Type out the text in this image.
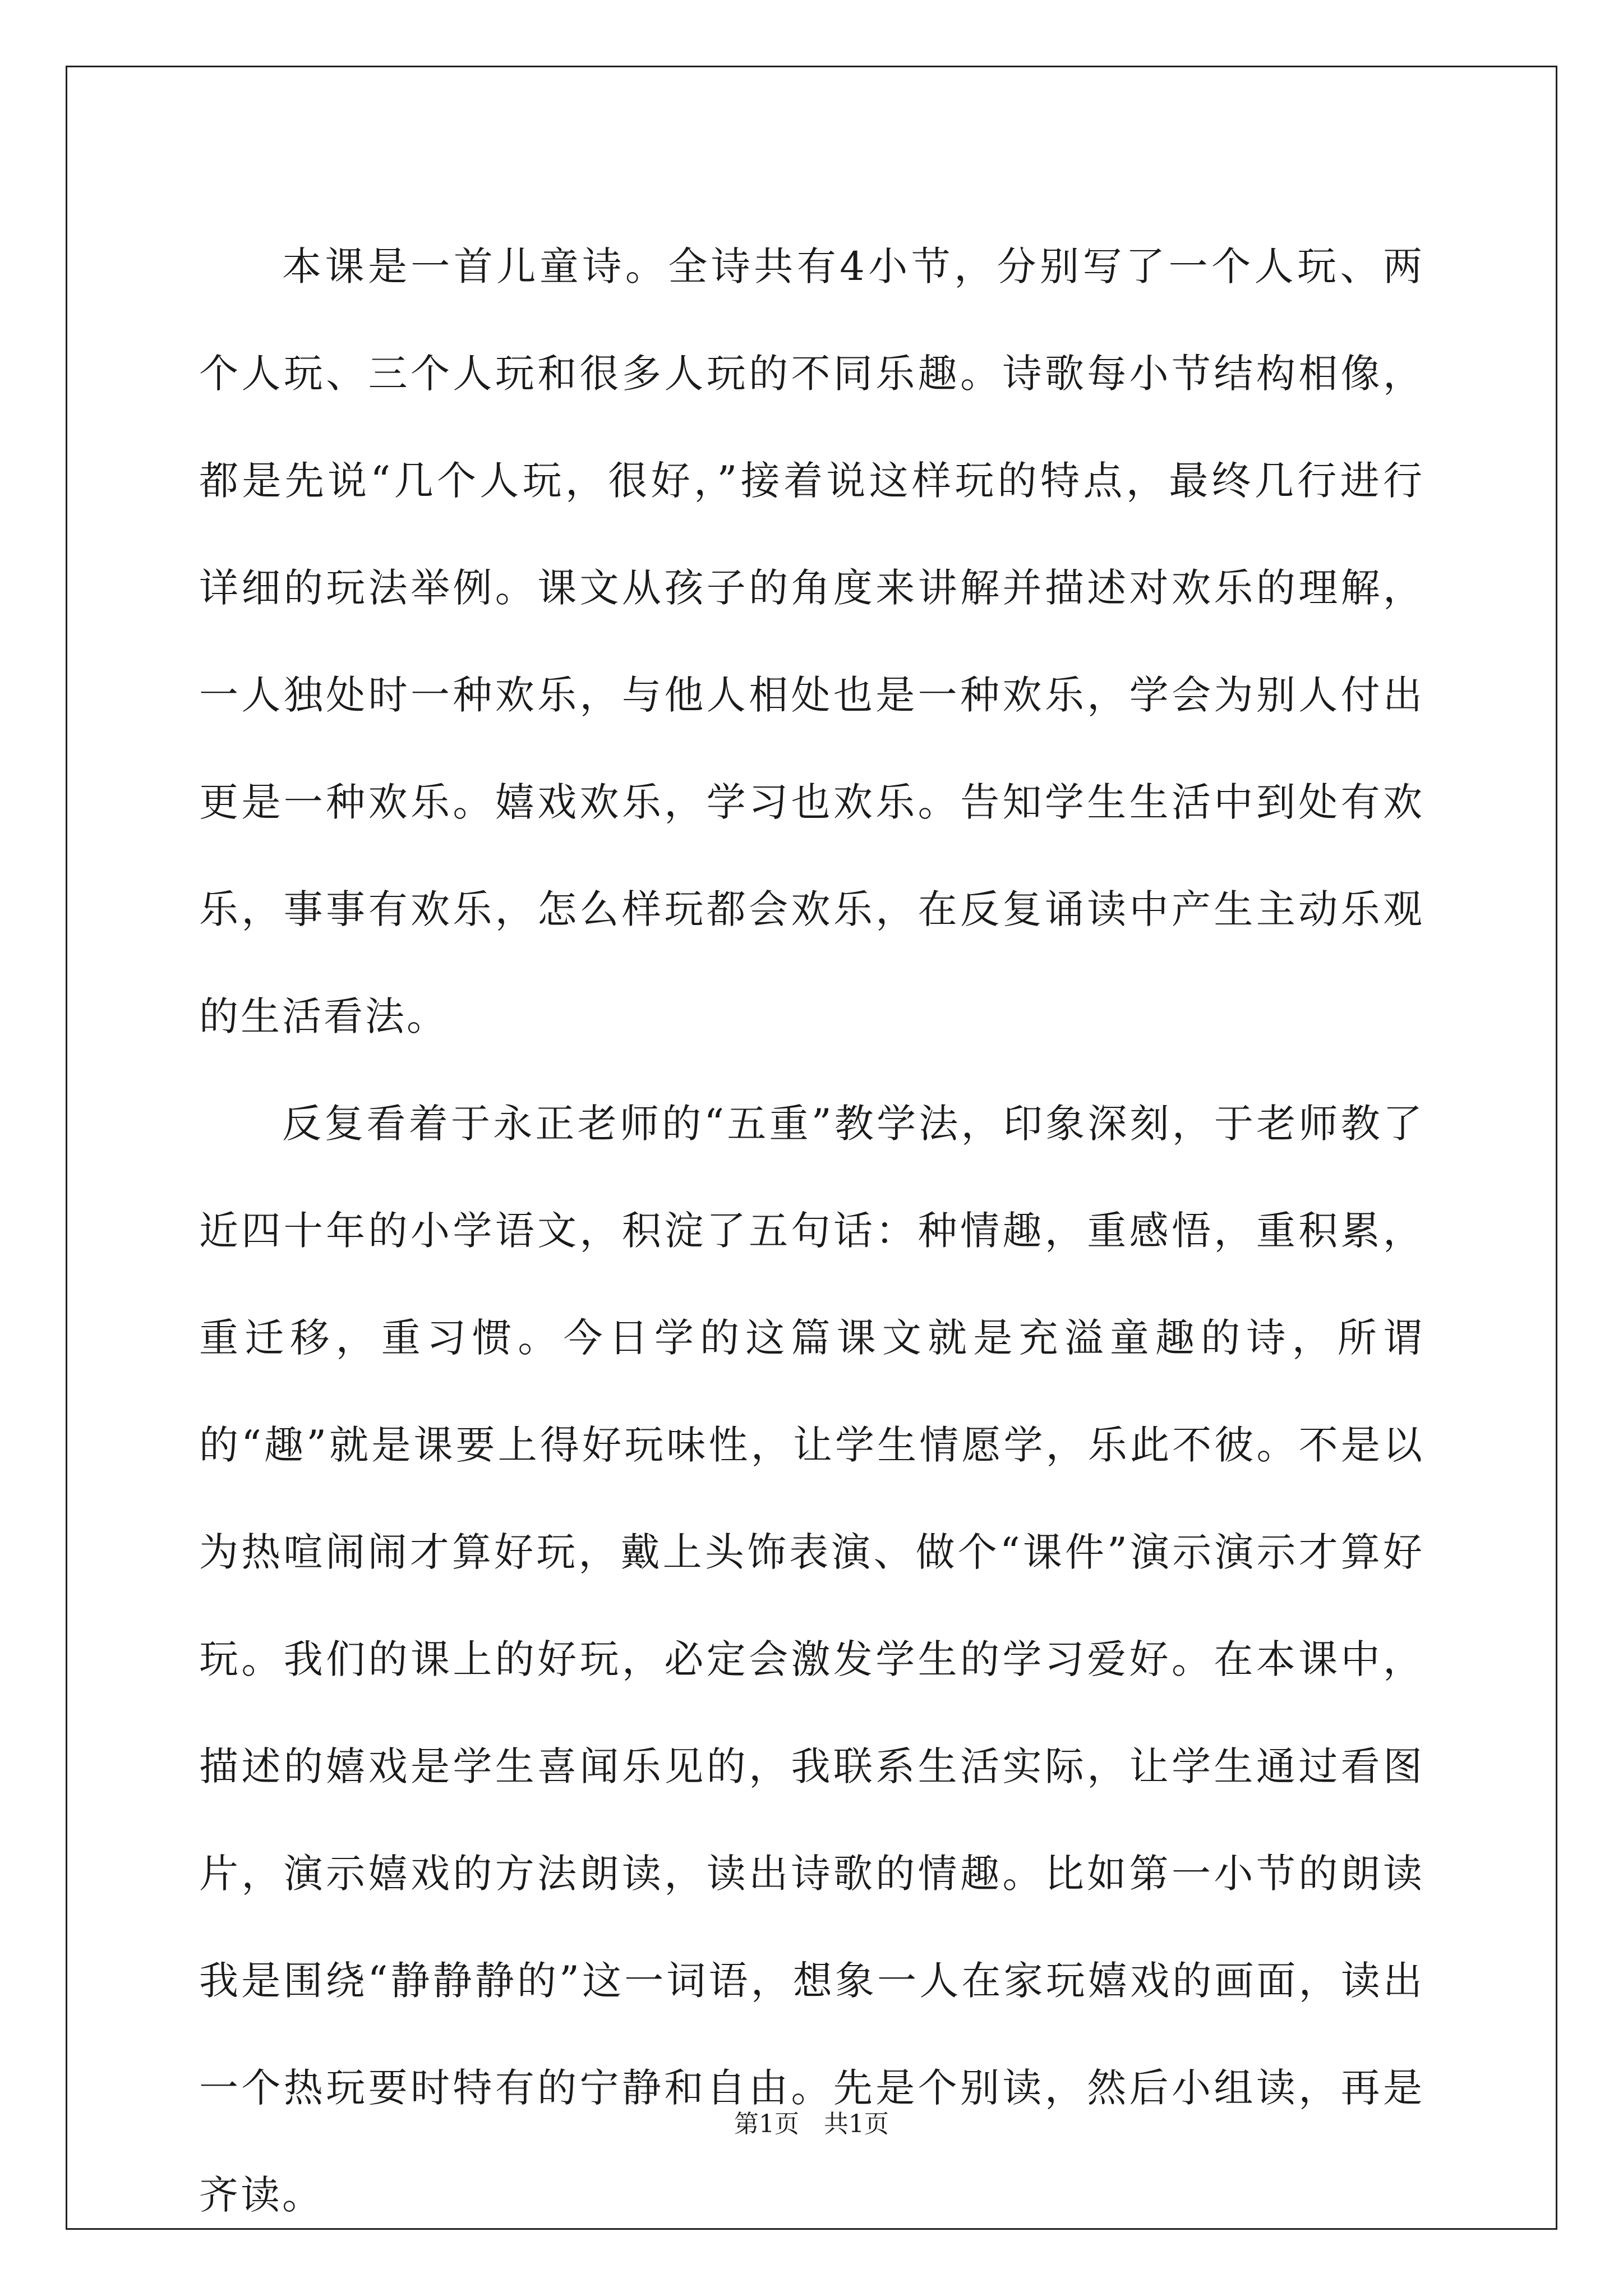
本课是一首儿童诗。全诗共有4小节，分别写了一个人玩、两个人玩、三个人玩和很多人玩的不同乐趣。诗歌每小节结构相像，都是先说“几个人玩，很好，”接着说这样玩的特点，最终几行进行详细的玩法举例。课文从孩子的角度来讲解并描述对欢乐的理解，一人独处时一种欢乐，与他人相处也是一种欢乐，学会为别人付出更是一种欢乐。嬉戏欢乐，学习也欢乐。告知学生生活中到处有欢乐，事事有欢乐，怎么样玩都会欢乐，在反复诵读中产生主动乐观的生活看法。

反复看着于永正老师的“五重”教学法，印象深刻，于老师教了近四十年的小学语文，积淀了五句话：种情趣，重感悟，重积累，重迁移，重习惯。今日学的这篇课文就是充溢童趣的诗，所谓的“趣”就是课要上得好玩味性，让学生情愿学，乐此不彼。不是以为热喧闹闹才算好玩，戴上头饰表演、做个“课件”演示演示才算好玩。我们的课上的好玩，必定会激发学生的学习爱好。在本课中，描述的嬉戏是学生喜闻乐见的，我联系生活实际，让学生通过看图片，演示嬉戏的方法朗读，读出诗歌的情趣。比如第一小节的朗读我是围绕“静静静的”这一词语，想象一人在家玩嬉戏的画面，读出一个热玩要时特有的宁静和自由。先是个别读，然后小组读，再是齐读。

第1页　共1页
